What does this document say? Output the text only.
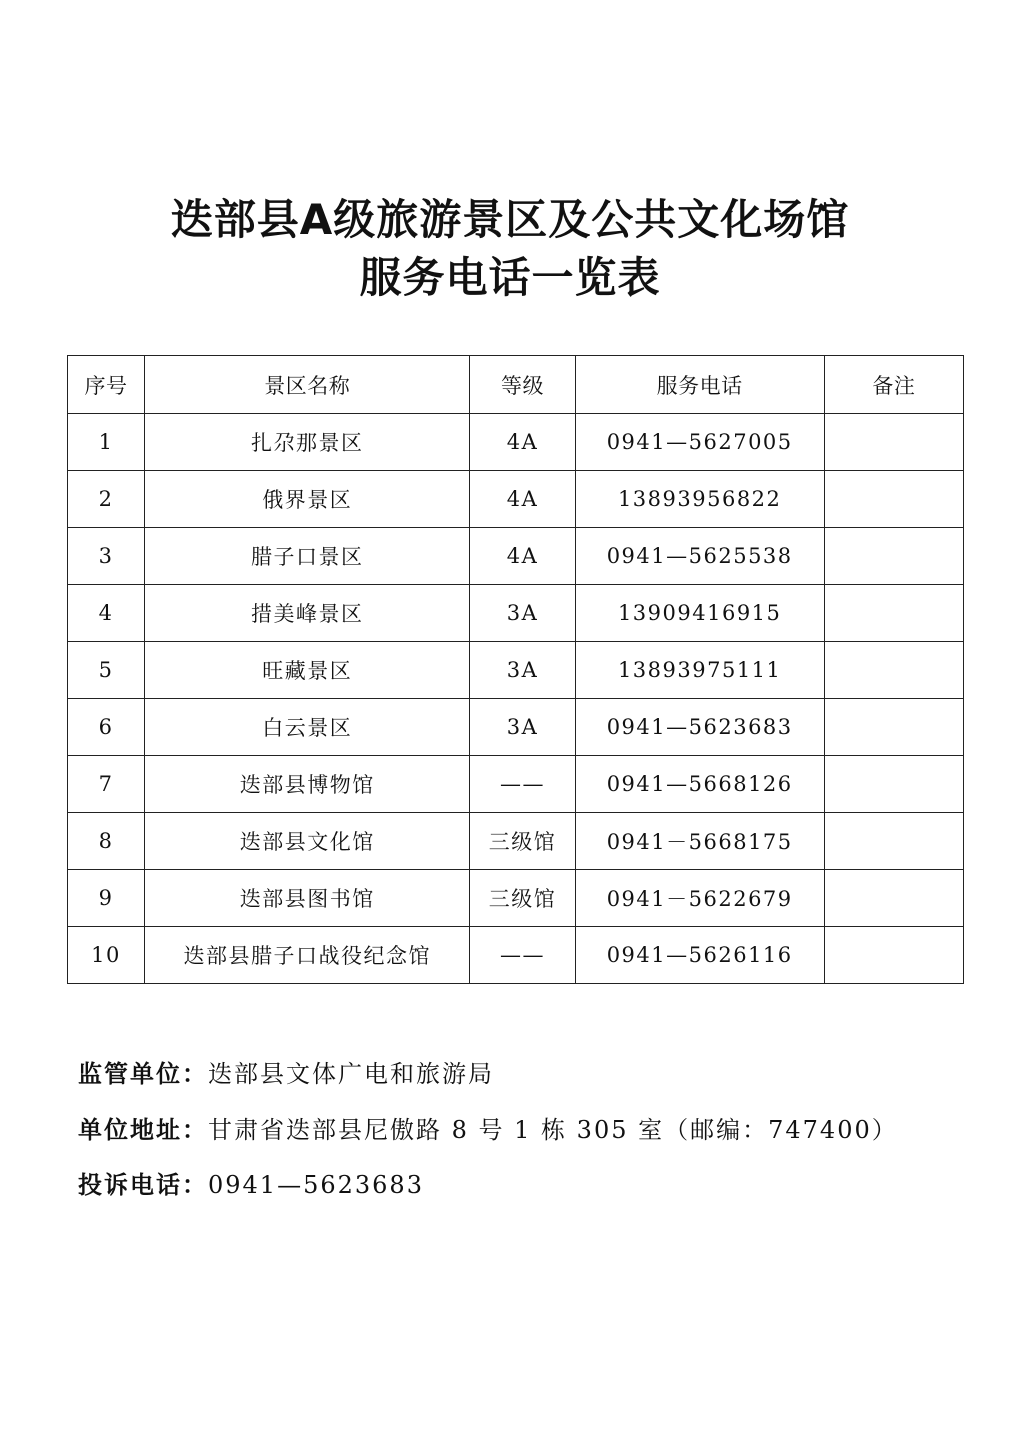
迭部县A级旅游景区及公共文化场馆
服务电话一览表
序号	景区名称	等级	服务电话	备注
1	扎尕那景区	4A	0941—5627005	
2	俄界景区	4A	13893956822	
3	腊子口景区	4A	0941—5625538	
4	措美峰景区	3A	13909416915	
5	旺藏景区	3A	13893975111	
6	白云景区	3A	0941—5623683	
7	迭部县博物馆	——	0941—5668126	
8	迭部县文化馆	三级馆	0941－5668175	
9	迭部县图书馆	三级馆	0941－5622679	
10	迭部县腊子口战役纪念馆	——	0941—5626116	
监管单位：迭部县文体广电和旅游局
单位地址：甘肃省迭部县尼傲路 8 号 1 栋 305 室（邮编：747400）
投诉电话：0941—5623683
